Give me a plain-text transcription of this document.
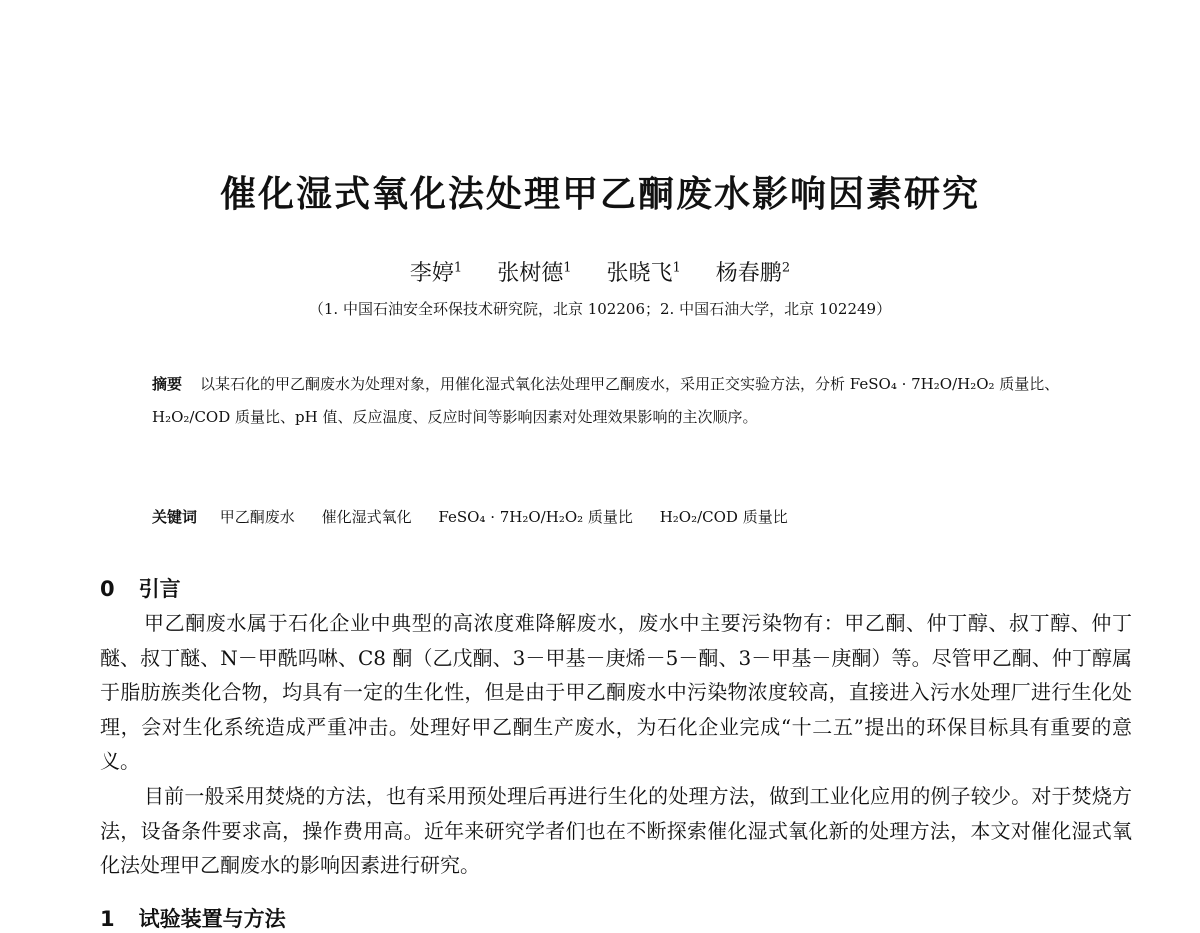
催化湿式氧化法处理甲乙酮废水影响因素研究

李婷$^1$ 张树德$^1$ 张晓飞$^1$ 杨春鹏$^2$

（1. 中国石油安全环保技术研究院，北京 102206；2. 中国石油大学，北京 102249）

摘要 以某石化的甲乙酮废水为处理对象，用催化湿式氧化法处理甲乙酮废水，采用正交实验方法，分析 FeSO₄ · 7H₂O/H₂O₂ 质量比、H₂O₂/COD 质量比、pH 值、反应温度、反应时间等影响因素对处理效果影响的主次顺序。

关键词 甲乙酮废水 催化湿式氧化 FeSO₄ · 7H₂O/H₂O₂ 质量比 H₂O₂/COD 质量比

0 引言

甲乙酮废水属于石化企业中典型的高浓度难降解废水，废水中主要污染物有：甲乙酮、仲丁醇、叔丁醇、仲丁醚、叔丁醚、N－甲酰吗啉、C8 酮（乙戊酮、3－甲基－庚烯－5－酮、3－甲基－庚酮）等。尽管甲乙酮、仲丁醇属于脂肪族类化合物，均具有一定的生化性，但是由于甲乙酮废水中污染物浓度较高，直接进入污水处理厂进行生化处理，会对生化系统造成严重冲击。处理好甲乙酮生产废水，为石化企业完成“十二五”提出的环保目标具有重要的意义。

目前一般采用焚烧的方法，也有采用预处理后再进行生化的处理方法，做到工业化应用的例子较少。对于焚烧方法，设备条件要求高，操作费用高。近年来研究学者们也在不断探索催化湿式氧化新的处理方法，本文对催化湿式氧化法处理甲乙酮废水的影响因素进行研究。

1 试验装置与方法
